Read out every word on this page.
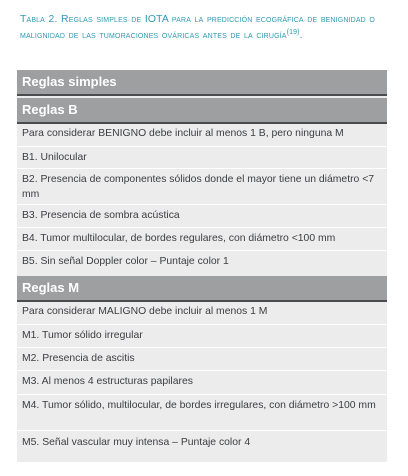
Tabla 2. Reglas simples de IOTA para la predicción ecográfica de benignidad o malignidad de las tumoraciones ováricas antes de la cirugía$^{(19)}$.
Reglas simples
Reglas B
Para considerar BENIGNO debe incluir al menos 1 B, pero ninguna M
B1. Unilocular
B2. Presencia de componentes sólidos donde el mayor tiene un diámetro <7 mm
B3. Presencia de sombra acústica
B4. Tumor multilocular, de bordes regulares, con diámetro <100 mm
B5. Sin señal Doppler color – Puntaje color 1
Reglas M
Para considerar MALIGNO debe incluir al menos 1 M
M1. Tumor sólido irregular
M2. Presencia de ascitis
M3. Al menos 4 estructuras papilares
M4. Tumor sólido, multilocular, de bordes irregulares, con diámetro >100 mm
M5. Señal vascular muy intensa – Puntaje color 4
